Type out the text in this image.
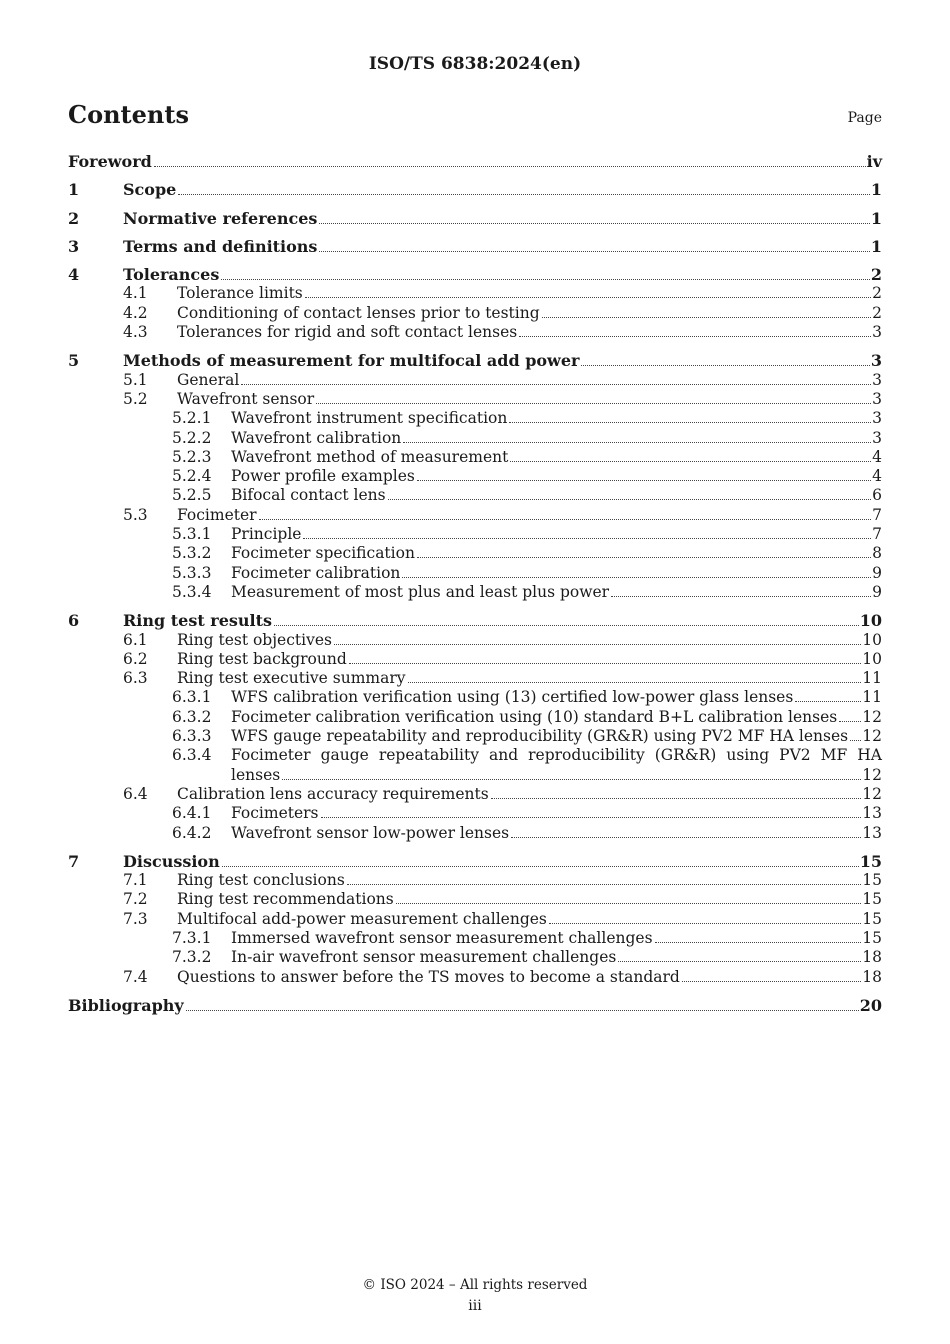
ISO/TS 6838:2024(en)
Contents	Page
Foreword	iv
1	Scope	1
2	Normative references	1
3	Terms and definitions	1
4	Tolerances	2
4.1 Tolerance limits	2
4.2 Conditioning of contact lenses prior to testing	2
4.3 Tolerances for rigid and soft contact lenses	3
5	Methods of measurement for multifocal add power	3
5.1 General	3
5.2 Wavefront sensor	3
5.2.1 Wavefront instrument specification	3
5.2.2 Wavefront calibration	3
5.2.3 Wavefront method of measurement	4
5.2.4 Power profile examples	4
5.2.5 Bifocal contact lens	6
5.3 Focimeter	7
5.3.1 Principle	7
5.3.2 Focimeter specification	8
5.3.3 Focimeter calibration	9
5.3.4 Measurement of most plus and least plus power	9
6	Ring test results	10
6.1 Ring test objectives	10
6.2 Ring test background	10
6.3 Ring test executive summary	11
6.3.1 WFS calibration verification using (13) certified low-power glass lenses	11
6.3.2 Focimeter calibration verification using (10) standard B+L calibration lenses 12
6.3.3 WFS gauge repeatability and reproducibility (GR&R) using PV2 MF HA lenses 12
6.3.4 Focimeter gauge repeatability and reproducibility (GR&R) using PV2 MF HA
lenses	12
6.4 Calibration lens accuracy requirements	12
6.4.1 Focimeters	13
6.4.2 Wavefront sensor low-power lenses	13
7	Discussion	15
7.1 Ring test conclusions	15
7.2 Ring test recommendations	15
7.3 Multifocal add-power measurement challenges	15
7.3.1 Immersed wavefront sensor measurement challenges	15
7.3.2 In-air wavefront sensor measurement challenges	18
7.4 Questions to answer before the TS moves to become a standard	18
Bibliography	20
© ISO 2024 – All rights reserved
iii
